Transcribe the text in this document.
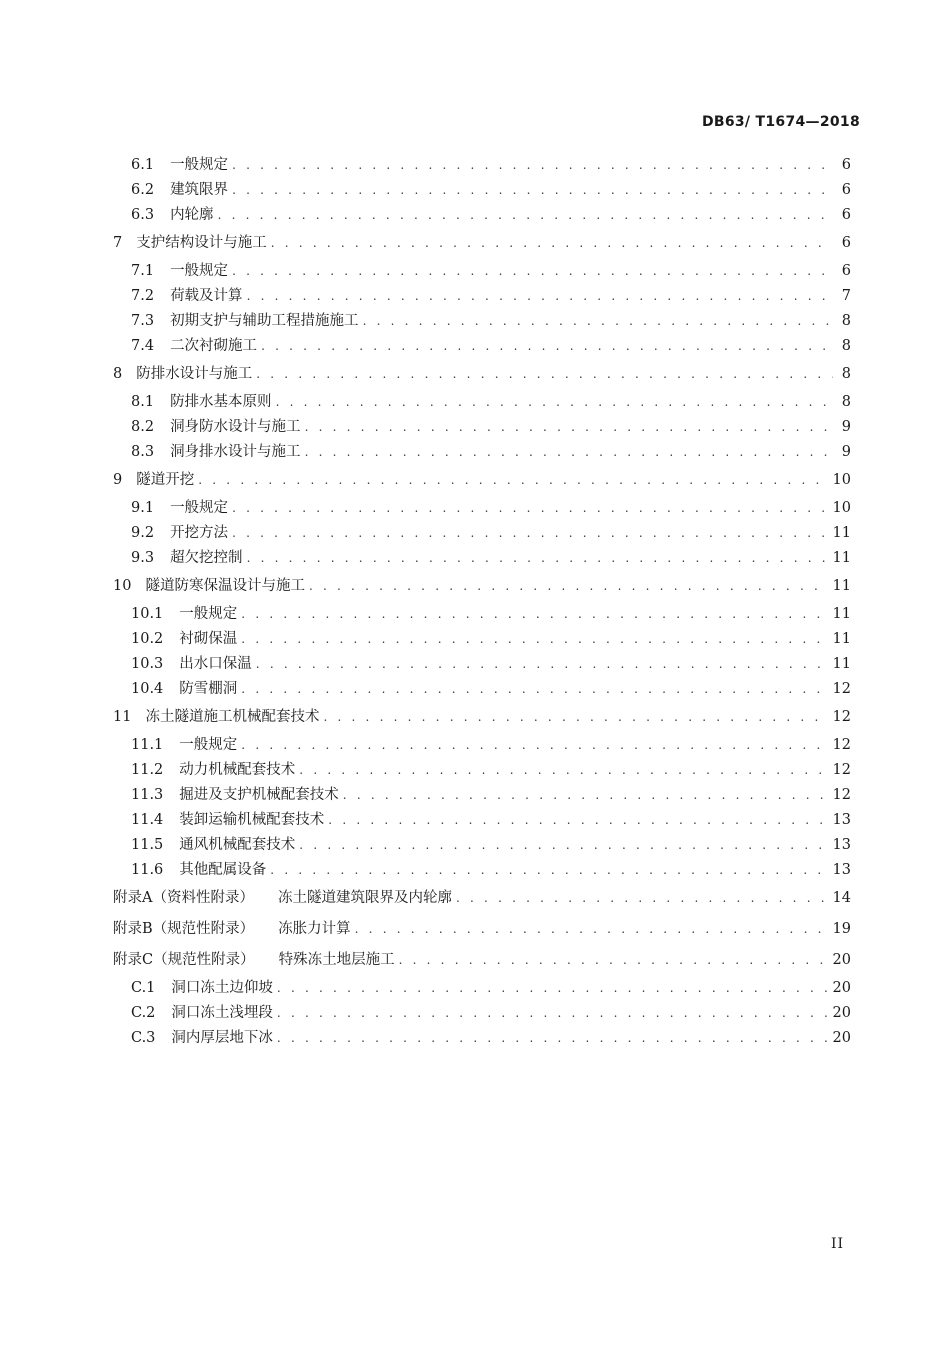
DB63/ T1674—2018
6.1 一般规定 . . .	6
6.2 建筑限界 . . .	6
6.3 内轮廓 . . .	6
7 支护结构设计与施工 . . .	6
7.1 一般规定 . . .	6
7.2 荷载及计算 . . .	7
7.3 初期支护与辅助工程措施施工 . . .	8
7.4 二次衬砌施工 . . .	8
8 防排水设计与施工 . . .	8
8.1 防排水基本原则 . . .	8
8.2 洞身防水设计与施工 . . .	9
8.3 洞身排水设计与施工 . . .	9
9 隧道开挖 . . .	10
9.1 一般规定 . . .	10
9.2 开挖方法 . . .	11
9.3 超欠挖控制 . . .	11
10 隧道防寒保温设计与施工 . . .	11
10.1 一般规定 . . .	11
10.2 衬砌保温 . . .	11
10.3 出水口保温 . . .	11
10.4 防雪棚洞 . . .	12
11 冻土隧道施工机械配套技术 . . .	12
11.1 一般规定 . . .	12
11.2 动力机械配套技术 . . .	12
11.3 掘进及支护机械配套技术 . . .	12
11.4 装卸运输机械配套技术 . . .	13
11.5 通风机械配套技术 . . .	13
11.6 其他配属设备 . . .	13
附录A（资料性附录） 冻土隧道建筑限界及内轮廓 . . .	14
附录B（规范性附录） 冻胀力计算 . . .	19
附录C（规范性附录） 特殊冻土地层施工 . . .	20
C.1 洞口冻土边仰坡 . . .	20
C.2 洞口冻土浅埋段 . . .	20
C.3 洞内厚层地下冰 . . .	20
II
